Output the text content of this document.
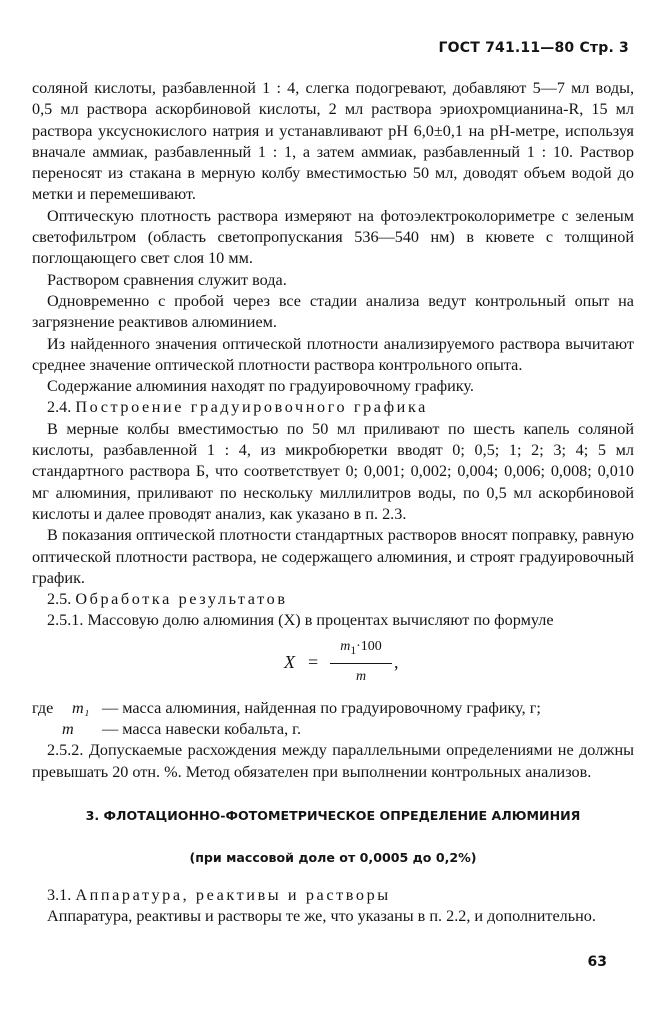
ГОСТ 741.11—80 Стр. 3

соляной кислоты, разбавленной 1 : 4, слегка подогревают, добавляют 5—7 мл воды, 0,5 мл раствора аскорбиновой кислоты, 2 мл раствора эриохромцианина-R, 15 мл раствора уксуснокислого натрия и устанавливают рН 6,0±0,1 на рН-метре, используя вначале аммиак, разбавленный 1 : 1, а затем аммиак, разбавленный 1 : 10. Раствор переносят из стакана в мерную колбу вместимостью 50 мл, доводят объем водой до метки и перемешивают.

Оптическую плотность раствора измеряют на фотоэлектроколориметре с зеленым светофильтром (область светопропускания 536—540 нм) в кювете с толщиной поглощающего свет слоя 10 мм.

Раствором сравнения служит вода.

Одновременно с пробой через все стадии анализа ведут контрольный опыт на загрязнение реактивов алюминием.

Из найденного значения оптической плотности анализируемого раствора вычитают среднее значение оптической плотности раствора контрольного опыта.

Содержание алюминия находят по градуировочному графику.

2.4. Построение градуировочного графика

В мерные колбы вместимостью по 50 мл приливают по шесть капель соляной кислоты, разбавленной 1 : 4, из микробюретки вводят 0; 0,5; 1; 2; 3; 4; 5 мл стандартного раствора Б, что соответствует 0; 0,001; 0,002; 0,004; 0,006; 0,008; 0,010 мг алюминия, приливают по нескольку миллилитров воды, по 0,5 мл аскорбиновой кислоты и далее проводят анализ, как указано в п. 2.3.

В показания оптической плотности стандартных растворов вносят поправку, равную оптической плотности раствора, не содержащего алюминия, и строят градуировочный график.

2.5. Обработка результатов

2.5.1. Массовую долю алюминия (X) в процентах вычисляют по формуле

$X = \frac{m_1\cdot 100}{m}$ ,
где	m₁ — масса алюминия, найденная по градуировочному графику, г;
m	— масса навески кобальта, г.

2.5.2. Допускаемые расхождения между параллельными определениями не должны превышать 20 отн. %. Метод обязателен при выполнении контрольных анализов.

3. ФЛОТАЦИОННО-ФОТОМЕТРИЧЕСКОЕ ОПРЕДЕЛЕНИЕ АЛЮМИНИЯ
(при массовой доле от 0,0005 до 0,2%)

3.1. Аппаратура, реактивы и растворы

Аппаратура, реактивы и растворы те же, что указаны в п. 2.2, и дополнительно.

63
